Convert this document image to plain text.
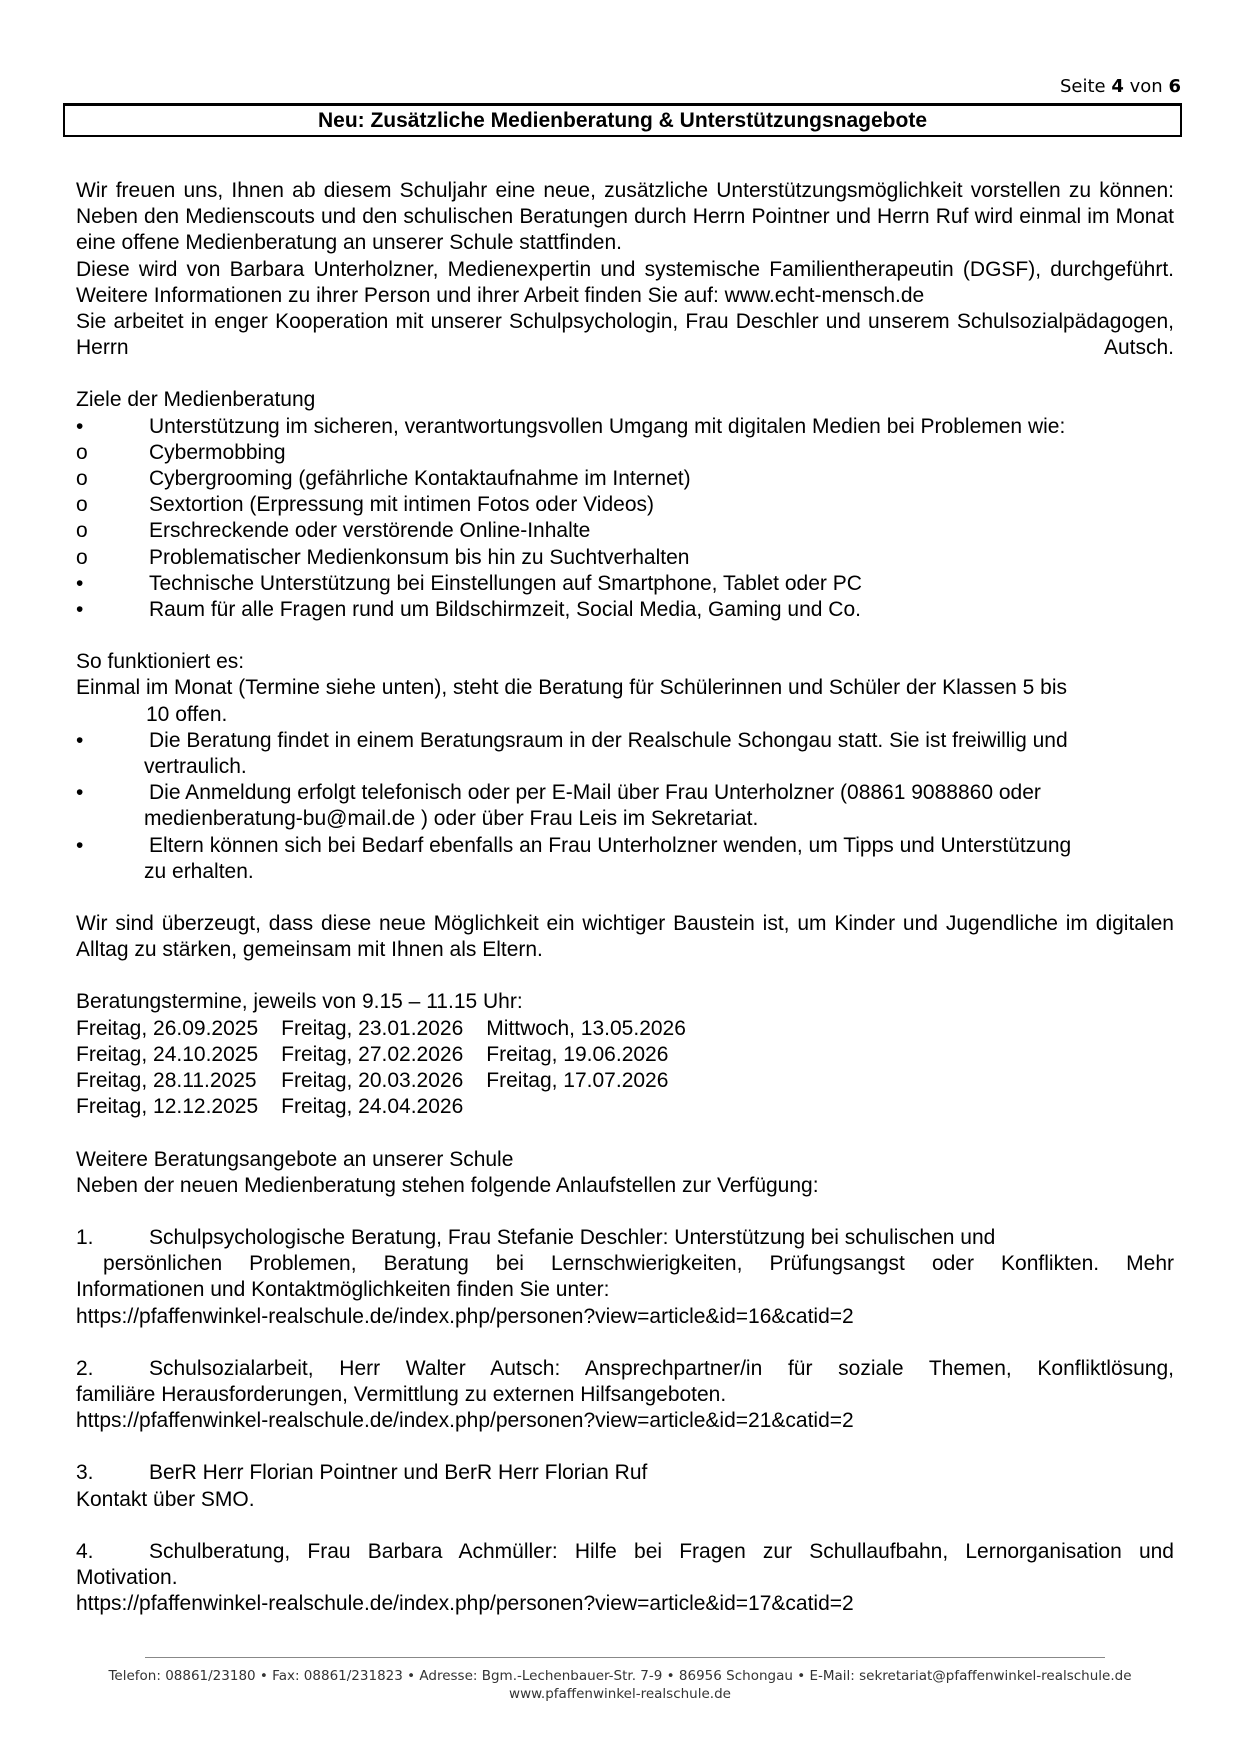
Seite 4 von 6
Neu: Zusätzliche Medienberatung & Unterstützungsnagebote

Wir freuen uns, Ihnen ab diesem Schuljahr eine neue, zusätzliche Unterstützungsmöglichkeit vorstellen zu können: Neben den Medienscouts und den schulischen Beratungen durch Herrn Pointner und Herrn Ruf wird einmal im Monat eine offene Medienberatung an unserer Schule stattfinden.

Diese wird von Barbara Unterholzner, Medienexpertin und systemische Familientherapeutin (DGSF), durchgeführt. Weitere Informationen zu ihrer Person und ihrer Arbeit finden Sie auf: www.echt-mensch.de

Sie arbeitet in enger Kooperation mit unserer Schulpsychologin, Frau Deschler und unserem Schulsozialpädagogen, Herrn Autsch.

Ziele der Medienberatung
•	Unterstützung im sicheren, verantwortungsvollen Umgang mit digitalen Medien bei Problemen wie:
o	Cybermobbing
o	Cybergrooming (gefährliche Kontaktaufnahme im Internet)
o	Sextortion (Erpressung mit intimen Fotos oder Videos)
o	Erschreckende oder verstörende Online-Inhalte
o	Problematischer Medienkonsum bis hin zu Suchtverhalten
•	Technische Unterstützung bei Einstellungen auf Smartphone, Tablet oder PC
•	Raum für alle Fragen rund um Bildschirmzeit, Social Media, Gaming und Co.
So funktioniert es:
Einmal im Monat (Termine siehe unten), steht die Beratung für Schülerinnen und Schüler der Klassen 5 bis
10 offen.
•	Die Beratung findet in einem Beratungsraum in der Realschule Schongau statt. Sie ist freiwillig und
vertraulich.
•	Die Anmeldung erfolgt telefonisch oder per E-Mail über Frau Unterholzner (08861 9088860 oder
medienberatung-bu@mail.de ) oder über Frau Leis im Sekretariat.
•	Eltern können sich bei Bedarf ebenfalls an Frau Unterholzner wenden, um Tipps und Unterstützung
zu erhalten.

Wir sind überzeugt, dass diese neue Möglichkeit ein wichtiger Baustein ist, um Kinder und Jugendliche im digitalen Alltag zu stärken, gemeinsam mit Ihnen als Eltern.

Beratungstermine, jeweils von 9.15 – 11.15 Uhr:
Freitag, 26.09.2025	Freitag, 23.01.2026	Mittwoch, 13.05.2026
Freitag, 24.10.2025	Freitag, 27.02.2026	Freitag, 19.06.2026
Freitag, 28.11.2025	Freitag, 20.03.2026	Freitag, 17.07.2026
Freitag, 12.12.2025	Freitag, 24.04.2026	
Weitere Beratungsangebote an unserer Schule
Neben der neuen Medienberatung stehen folgende Anlaufstellen zur Verfügung:
1.	Schulpsychologische Beratung, Frau Stefanie Deschler: Unterstützung bei schulischen und

persönlichen Problemen, Beratung bei Lernschwierigkeiten, Prüfungsangst oder Konflikten. Mehr

Informationen und Kontaktmöglichkeiten finden Sie unter:
https://pfaffenwinkel-realschule.de/index.php/personen?view=article&id=16&catid=2

2.	Schulsozialarbeit, Herr Walter Autsch: Ansprechpartner/in für soziale Themen, Konfliktlösung,

familiäre Herausforderungen, Vermittlung zu externen Hilfsangeboten.
https://pfaffenwinkel-realschule.de/index.php/personen?view=article&id=21&catid=2
3.	BerR Herr Florian Pointner und BerR Herr Florian Ruf
Kontakt über SMO.

4.	Schulberatung, Frau Barbara Achmüller: Hilfe bei Fragen zur Schullaufbahn, Lernorganisation und

Motivation.
https://pfaffenwinkel-realschule.de/index.php/personen?view=article&id=17&catid=2
Telefon: 08861/23180 • Fax: 08861/231823 • Adresse: Bgm.-Lechenbauer-Str. 7-9 • 86956 Schongau • E-Mail: sekretariat@pfaffenwinkel-realschule.de
www.pfaffenwinkel-realschule.de
